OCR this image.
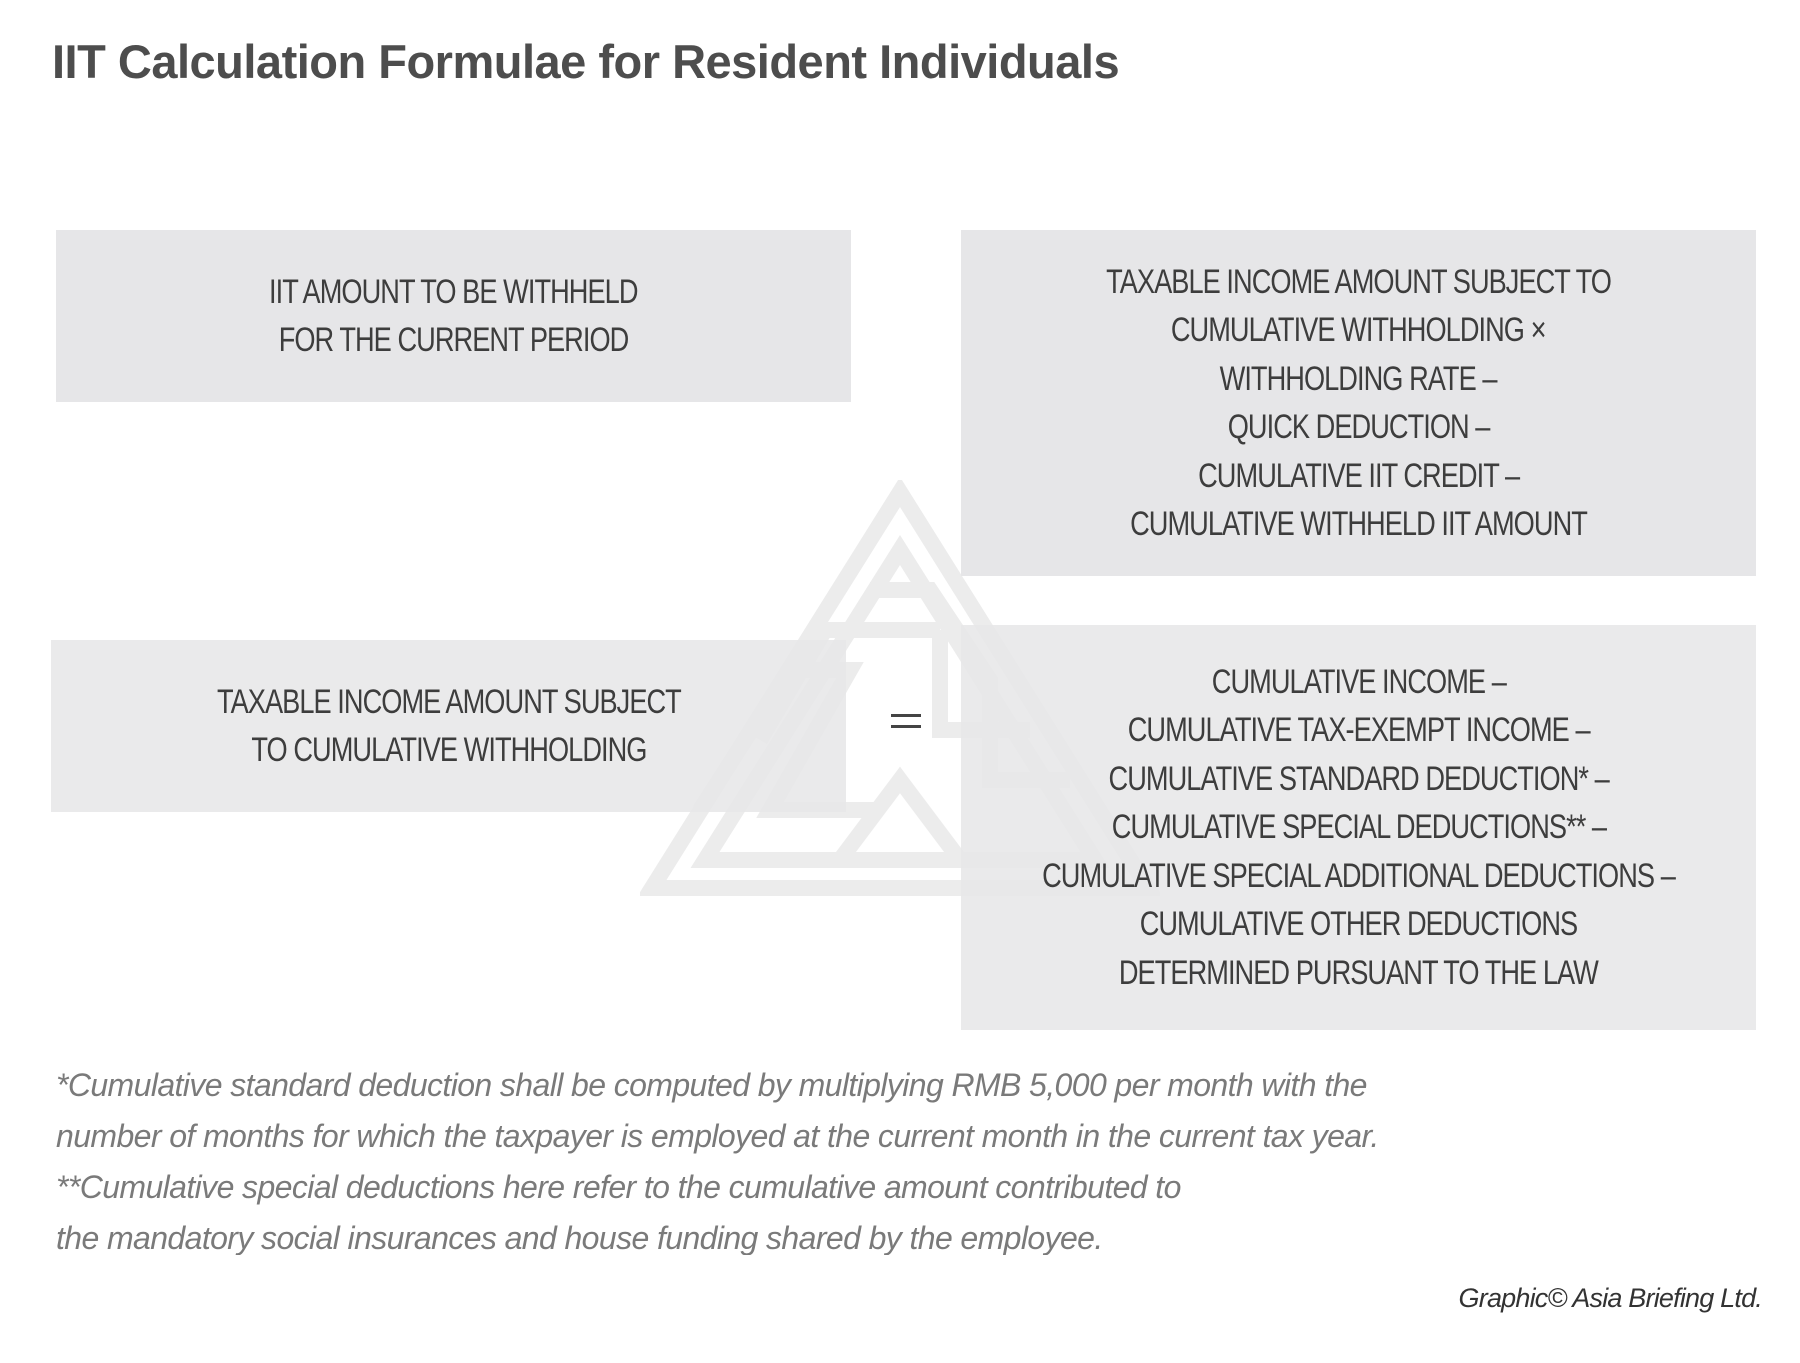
IIT Calculation Formulae for Resident Individuals
IIT AMOUNT TO BE WITHHELD
FOR THE CURRENT PERIOD
TAXABLE INCOME AMOUNT SUBJECT TO
CUMULATIVE WITHHOLDING ×
WITHHOLDING RATE –
QUICK DEDUCTION –
CUMULATIVE IIT CREDIT –
CUMULATIVE WITHHELD IIT AMOUNT
TAXABLE INCOME AMOUNT SUBJECT
TO CUMULATIVE WITHHOLDING
CUMULATIVE INCOME –
CUMULATIVE TAX-EXEMPT INCOME –
CUMULATIVE STANDARD DEDUCTION* –
CUMULATIVE SPECIAL DEDUCTIONS** –
CUMULATIVE SPECIAL ADDITIONAL DEDUCTIONS –
CUMULATIVE OTHER DEDUCTIONS
DETERMINED PURSUANT TO THE LAW
*Cumulative standard deduction shall be computed by multiplying RMB 5,000 per month with the
number of months for which the taxpayer is employed at the current month in the current tax year.
**Cumulative special deductions here refer to the cumulative amount contributed to
the mandatory social insurances and house funding shared by the employee.
Graphic© Asia Briefing Ltd.
